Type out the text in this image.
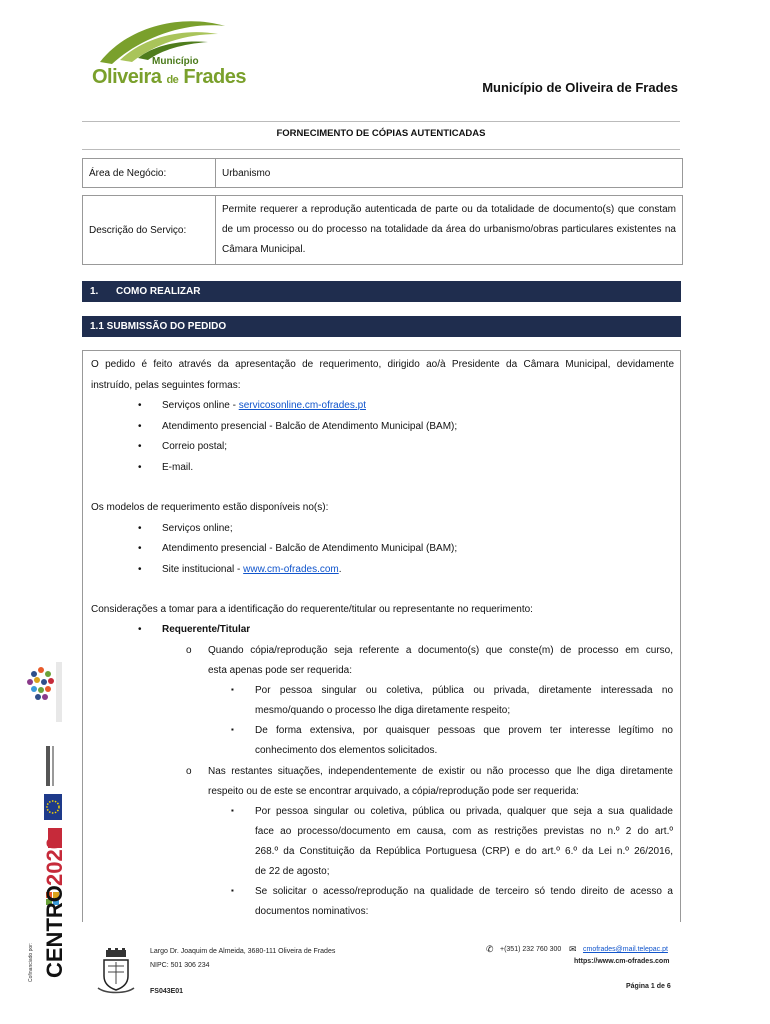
Município
Oliveira de Frades	Município de Oliveira de Frades
FORNECIMENTO DE CÓPIAS AUTENTICADAS
Área de Negócio:	Urbanismo
Descrição do Serviço:	Permite requerer a reprodução autenticada de parte ou da totalidade de documento(s) que constam de um processo ou do processo na totalidade da área do urbanismo/obras particulares existentes na Câmara Municipal.
1. COMO REALIZAR
1.1 SUBMISSÃO DO PEDIDO
O pedido é feito através da apresentação de requerimento, dirigido ao/à Presidente da Câmara Municipal, devidamente
instruído, pelas seguintes formas:
• Serviços online - servicosonline.cm-ofrades.pt
• Atendimento presencial - Balcão de Atendimento Municipal (BAM);
• Correio postal;
• E-mail.
Os modelos de requerimento estão disponíveis no(s):
• Serviços online;
• Atendimento presencial - Balcão de Atendimento Municipal (BAM);
• Site institucional - www.cm-ofrades.com.
Considerações a tomar para a identificação do requerente/titular ou representante no requerimento:
• Requerente/Titular
o Quando cópia/reprodução seja referente a documento(s) que conste(m) de processo em curso,
esta apenas pode ser requerida:
▪ Por pessoa singular ou coletiva, pública ou privada, diretamente interessada no
mesmo/quando o processo lhe diga diretamente respeito;
▪ De forma extensiva, por quaisquer pessoas que provem ter interesse legítimo no
conhecimento dos elementos solicitados.
o Nas restantes situações, independentemente de existir ou não processo que lhe diga diretamente
respeito ou de este se encontrar arquivado, a cópia/reprodução pode ser requerida:
▪ Por pessoa singular ou coletiva, pública ou privada, qualquer que seja a sua qualidade
face ao processo/documento em causa, com as restrições previstas no n.º 2 do art.º
268.º da Constituição da República Portuguesa (CRP) e do art.º 6.º da Lei n.º 26/2016,
de 22 de agosto;
▪ Se solicitar o acesso/reprodução na qualidade de terceiro só tendo direito de acesso a
documentos nominativos:
2020
CENTRO
Cofinanciado por:	Largo Dr. Joaquim de Almeida, 3680-111 Oliveira de Frades
NIPC: 501 306 234
FS043E01
✆ +(351) 232 760 300 ✉ cmofrades@mail.telepac.pt
https://www.cm-ofrades.com
Página 1 de 6
